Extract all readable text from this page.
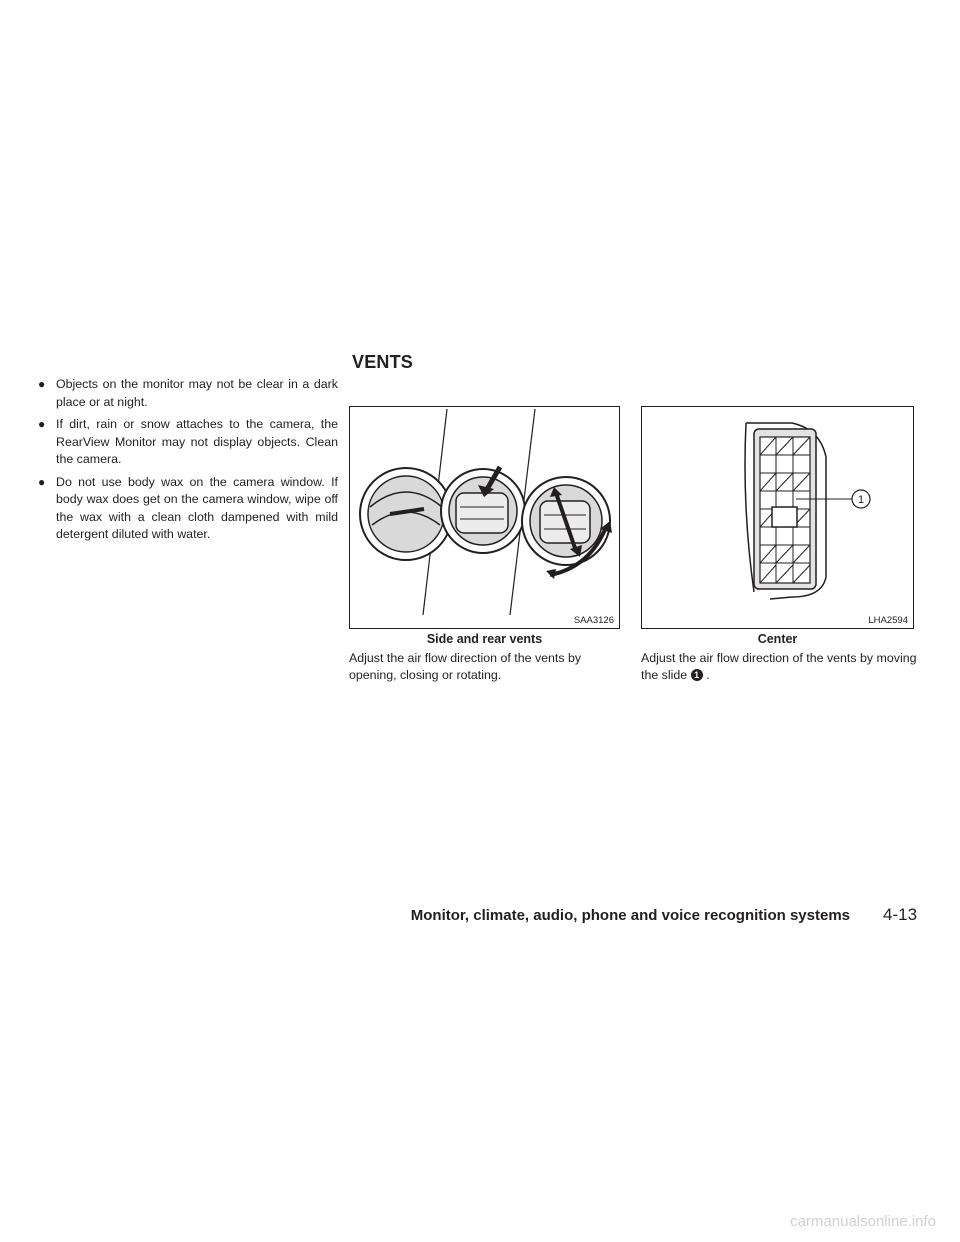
● Objects on the monitor may not be clear in a dark place or at night.
● If dirt, rain or snow attaches to the camera, the RearView Monitor may not display objects. Clean the camera.
● Do not use body wax on the camera window. If body wax does get on the camera window, wipe off the wax with a clean cloth dampened with mild detergent diluted with water.
VENTS
SAA3126
Side and rear vents

Adjust the air flow direction of the vents by opening, closing or rotating.

1
LHA2594
Center

Adjust the air flow direction of the vents by moving the slide 1 .

Monitor, climate, audio, phone and voice recognition systems 4-13
carmanualsonline.info
